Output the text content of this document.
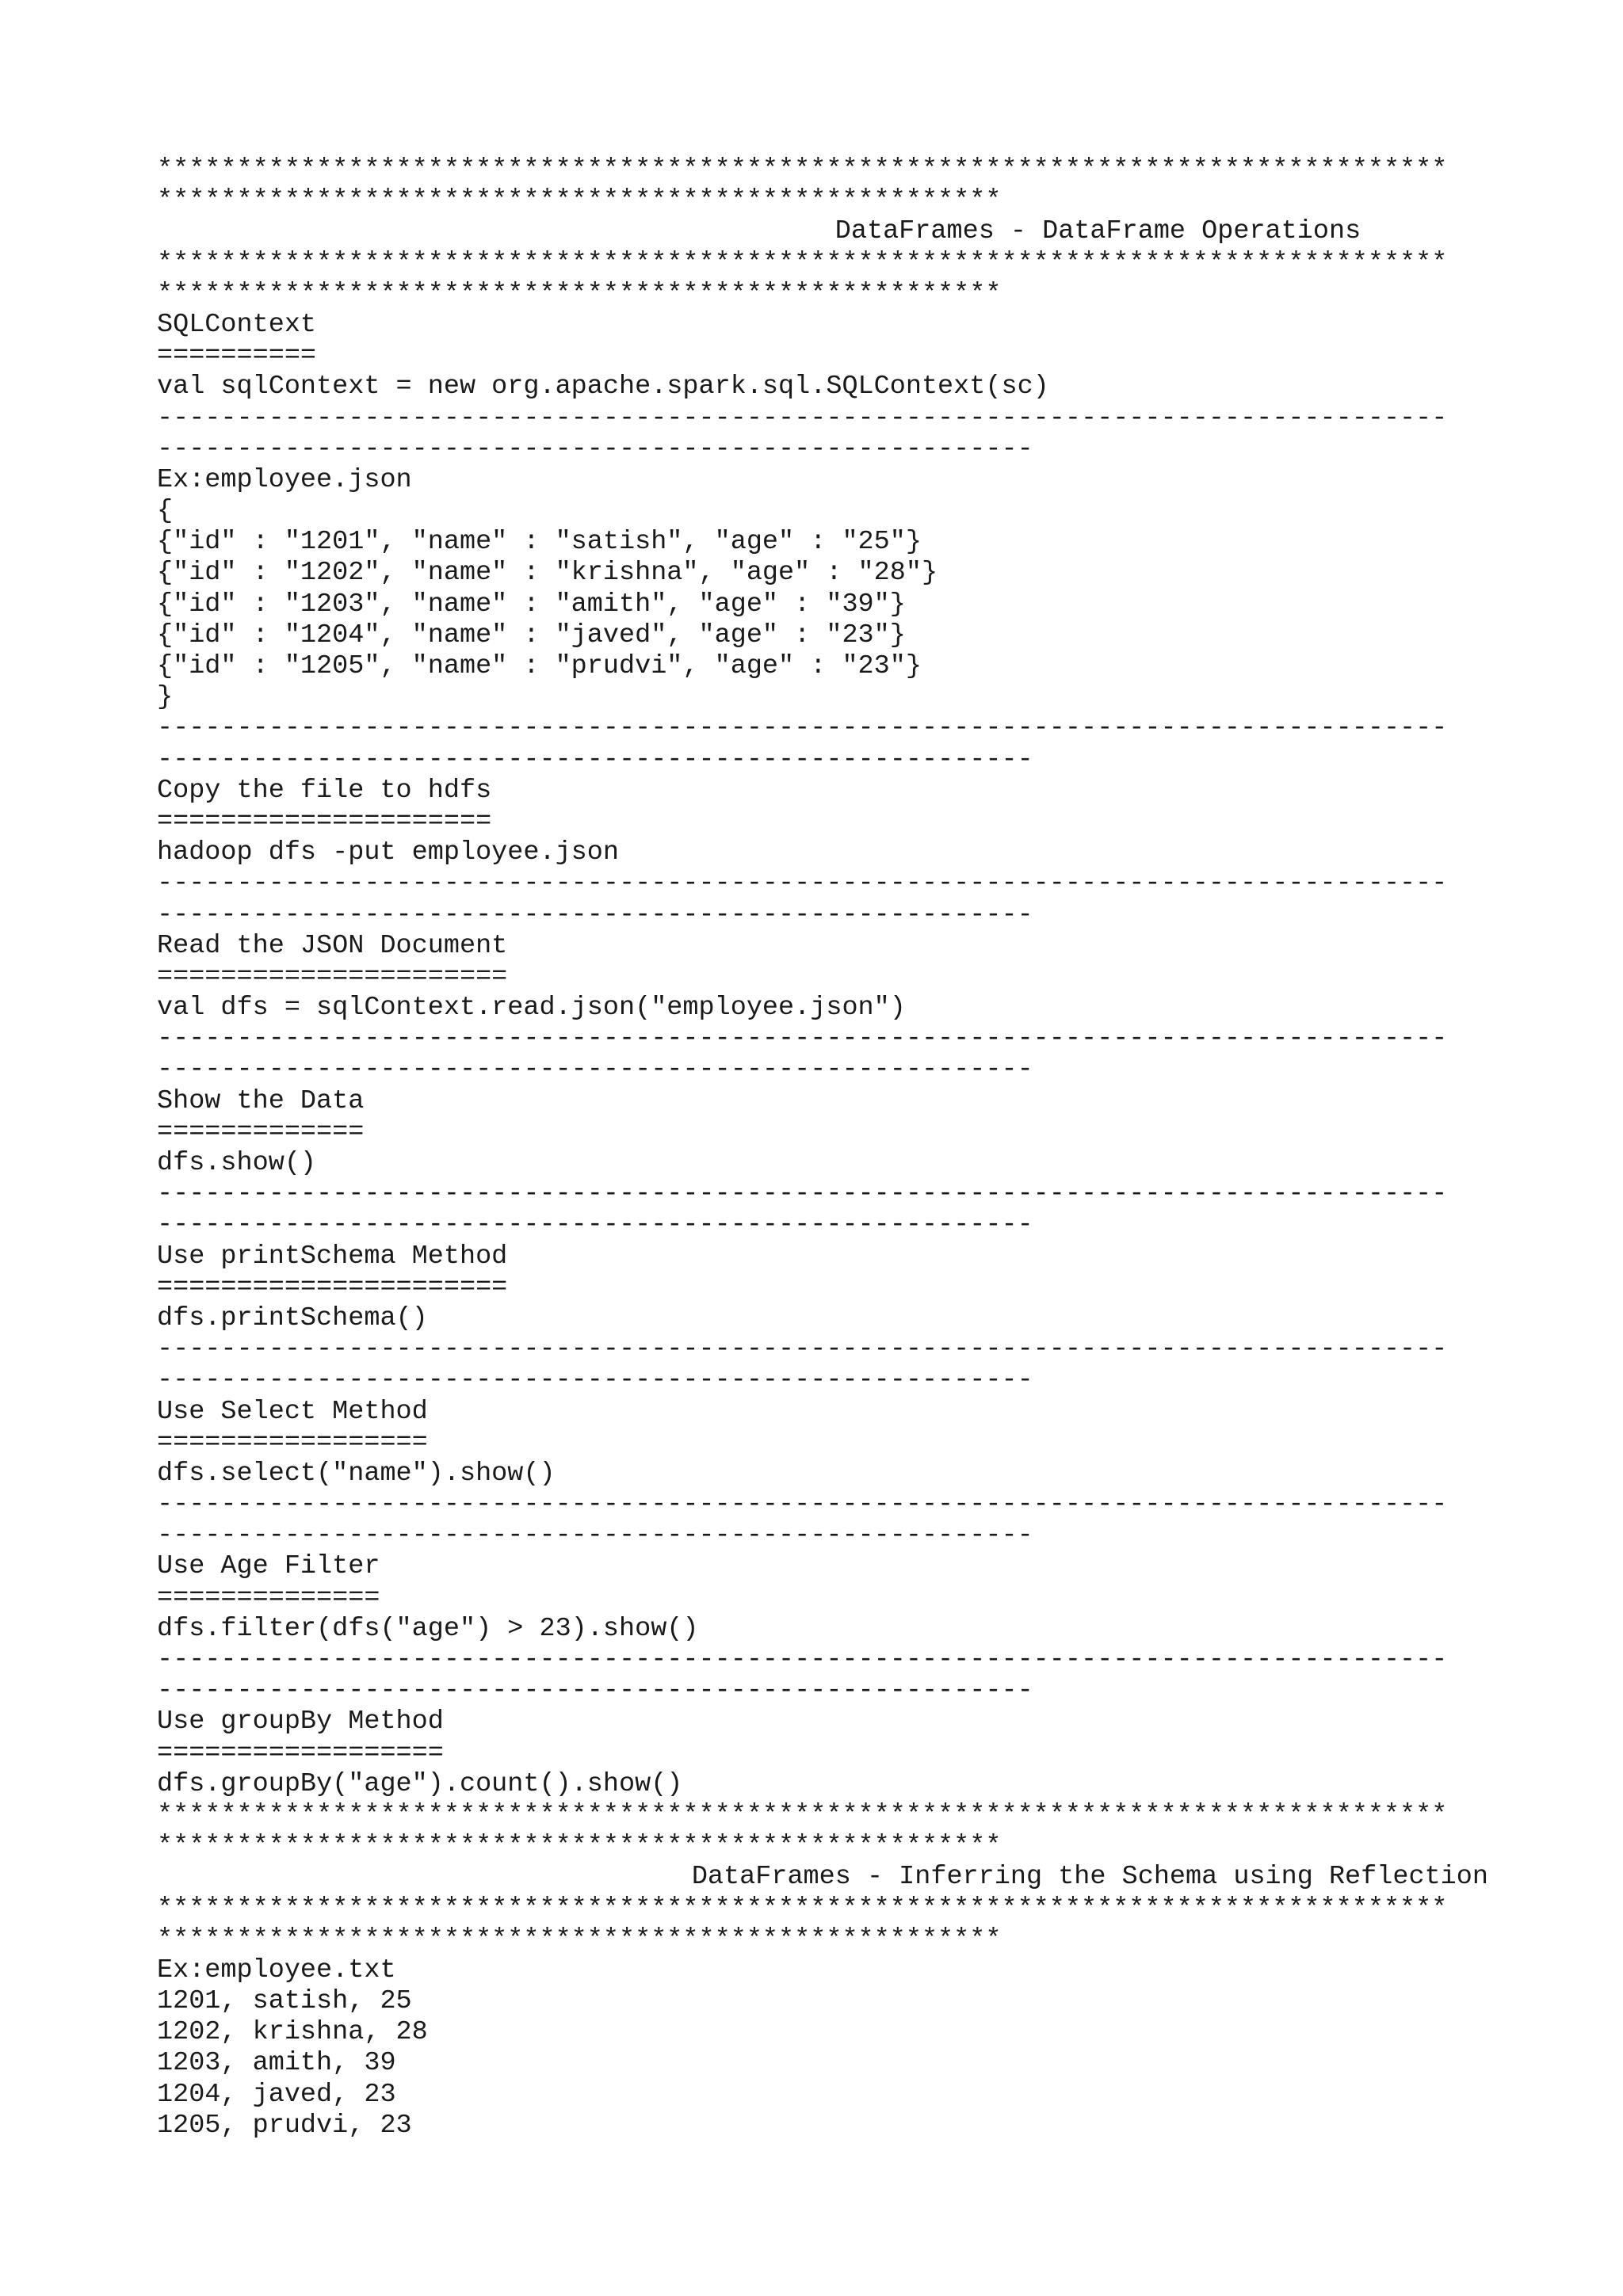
*********************************************************************************
*****************************************************
DataFrames - DataFrame Operations
*********************************************************************************
*****************************************************
SQLContext
==========
val sqlContext = new org.apache.spark.sql.SQLContext(sc)
---------------------------------------------------------------------------------
-------------------------------------------------------
Ex:employee.json
{
{"id" : "1201", "name" : "satish", "age" : "25"}
{"id" : "1202", "name" : "krishna", "age" : "28"}
{"id" : "1203", "name" : "amith", "age" : "39"}
{"id" : "1204", "name" : "javed", "age" : "23"}
{"id" : "1205", "name" : "prudvi", "age" : "23"}
}
---------------------------------------------------------------------------------
-------------------------------------------------------
Copy the file to hdfs
=====================
hadoop dfs -put employee.json
---------------------------------------------------------------------------------
-------------------------------------------------------
Read the JSON Document
======================
val dfs = sqlContext.read.json("employee.json")
---------------------------------------------------------------------------------
-------------------------------------------------------
Show the Data
=============
dfs.show()
---------------------------------------------------------------------------------
-------------------------------------------------------
Use printSchema Method
======================
dfs.printSchema()
---------------------------------------------------------------------------------
-------------------------------------------------------
Use Select Method
=================
dfs.select("name").show()
---------------------------------------------------------------------------------
-------------------------------------------------------
Use Age Filter
==============
dfs.filter(dfs("age") > 23).show()
---------------------------------------------------------------------------------
-------------------------------------------------------
Use groupBy Method
==================
dfs.groupBy("age").count().show()
*********************************************************************************
*****************************************************
DataFrames - Inferring the Schema using Reflection
*********************************************************************************
*****************************************************
Ex:employee.txt
1201, satish, 25
1202, krishna, 28
1203, amith, 39
1204, javed, 23
1205, prudvi, 23
